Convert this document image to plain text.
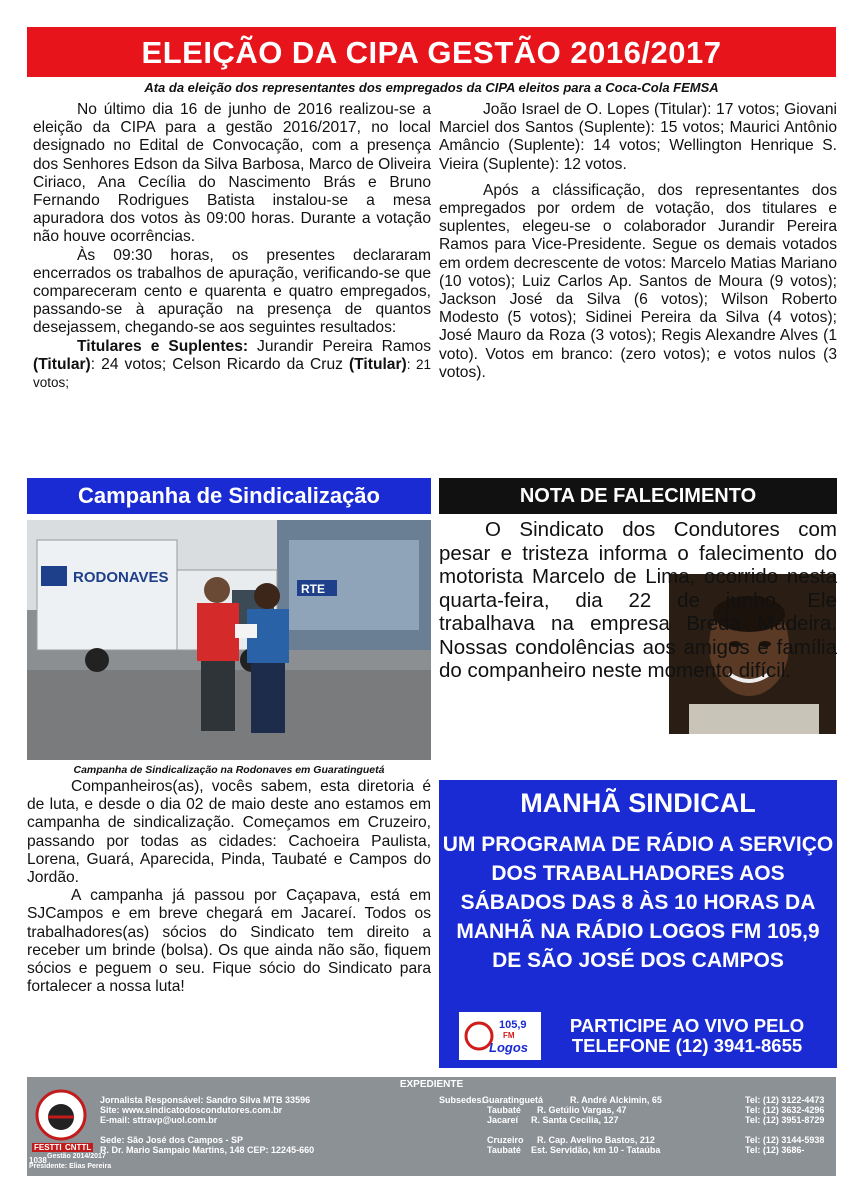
ELEIÇÃO DA CIPA GESTÃO 2016/2017
Ata da eleição dos representantes dos empregados da CIPA eleitos para a Coca-Cola FEMSA

No último dia 16 de junho de 2016 realizou-se a eleição da CIPA para a gestão 2016/2017, no local designado no Edital de Convocação, com a presença dos Senhores Edson da Silva Barbosa, Marco de Oliveira Ciriaco, Ana Cecília do Nascimento Brás e Bruno Fernando Rodrigues Batista instalou-se a mesa apuradora dos votos às 09:00 horas. Durante a votação não houve ocorrências.

Às 09:30 horas, os presentes declararam encerrados os trabalhos de apuração, verificando-se que compareceram cento e quarenta e quatro empregados, passando-se à apuração na presença de quantos desejassem, chegando-se aos seguintes resultados:

Titulares e Suplentes: Jurandir Pereira Ramos (Titular): 24 votos; Celson Ricardo da Cruz (Titular): 21 votos;

João Israel de O. Lopes (Titular): 17 votos; Giovani Marciel dos Santos (Suplente): 15 votos; Maurici Antônio Amâncio (Suplente): 14 votos; Wellington Henrique S. Vieira (Suplente): 12 votos.

Após a clássificação, dos representantes dos empregados por ordem de votação, dos titulares e suplentes, elegeu-se o colaborador Jurandir Pereira Ramos para Vice-Presidente. Segue os demais votados em ordem decrescente de votos: Marcelo Matias Mariano (10 votos); Luiz Carlos Ap. Santos de Moura (9 votos); Jackson José da Silva (6 votos); Wilson Roberto Modesto (5 votos); Sidinei Pereira da Silva (4 votos); José Mauro da Roza (3 votos); Regis Alexandre Alves (1 voto). Votos em branco: (zero votos); e votos nulos (3 votos).

Campanha de Sindicalização
RODONAVES
RTE
Campanha de Sindicalização na Rodonaves em Guaratinguetá

Companheiros(as), vocês sabem, esta diretoria é de luta, e desde o dia 02 de maio deste ano estamos em campanha de sindicalização. Começamos em Cruzeiro, passando por todas as cidades: Cachoeira Paulista, Lorena, Guará, Aparecida, Pinda, Taubaté e Campos do Jordão.

A campanha já passou por Caçapava, está em SJCampos e em breve chegará em Jacareí. Todos os trabalhadores(as) sócios do Sindicato tem direito a receber um brinde (bolsa). Os que ainda não são, fiquem sócios e peguem o seu. Fique sócio do Sindicato para fortalecer a nossa luta!

NOTA DE FALECIMENTO

O Sindicato dos Condutores com pesar e tristeza informa o falecimento do motorista Marcelo de Lima, ocorrido nesta quarta-feira, dia 22 de junho. Ele trabalhava na empresa Breda Madeira. Nossas condolências aos amigos e família do companheiro neste momento difícil.

MANHÃ SINDICAL
UM PROGRAMA DE RÁDIO A SERVIÇO DOS TRABALHADORES AOS SÁBADOS DAS 8 ÀS 10 HORAS DA MANHÃ NA RÁDIO LOGOS FM 105,9 DE SÃO JOSÉ DOS CAMPOS
105,9
FM
Logos
PARTICIPE AO VIVO PELO
TELEFONE (12) 3941-8655
EXPEDIENTE
FESTTI CNTTL
1038 Gestão 2014/2017
Presidente: Elias Pereira
Jornalista Responsável: Sandro Silva MTB 33596
Site: www.sindicatodoscondutores.com.br
E-mail: sttravp@uol.com.br
Sede: São José dos Campos - SP
R. Dr. Mario Sampaio Martins, 148 CEP: 12245-660
Subsedes:
Guaratinguetá	R. André Alckimin, 65	Tel: (12) 3122-4473
Taubaté R. Getúlio Vargas, 47	Tel: (12) 3632-4296
Jacareí R. Santa Cecília, 127	Tel: (12) 3951-8729
Cruzeiro R. Cap. Avelino Bastos, 212	Tel: (12) 3144-5938
Taubaté Est. Servidão, km 10 - Tataúba	Tel: (12) 3686-
